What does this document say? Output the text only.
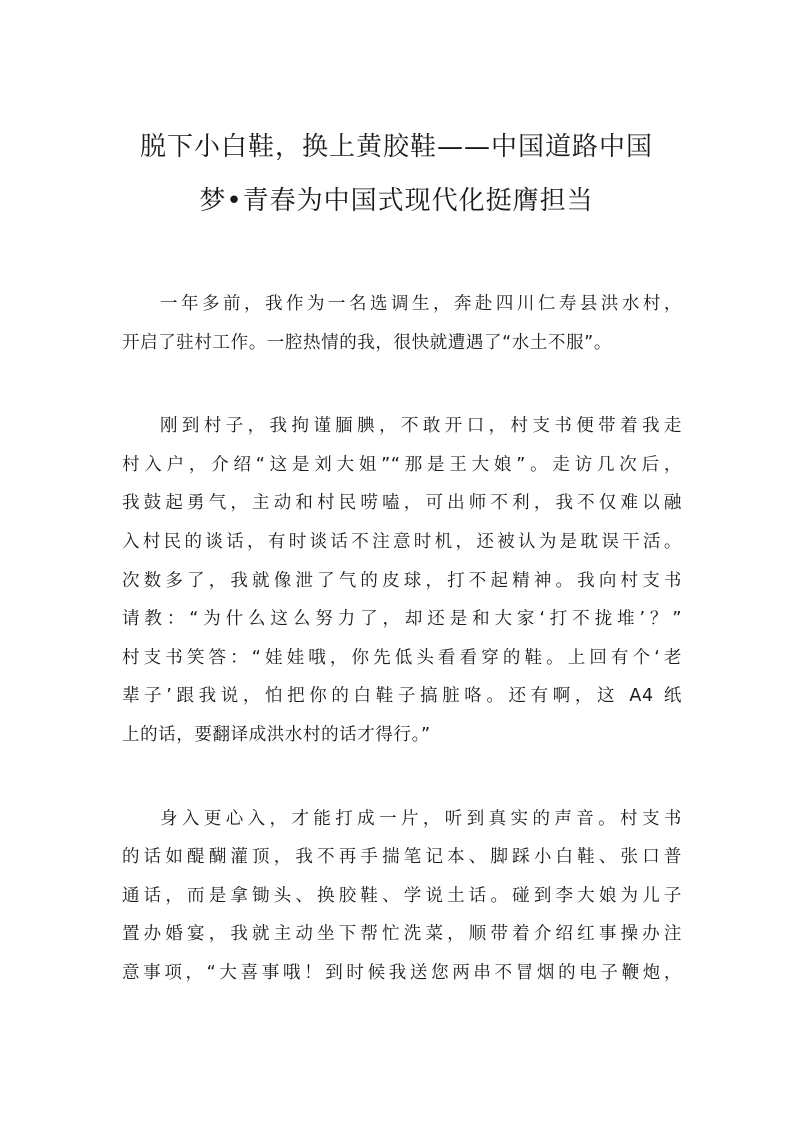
脱下小白鞋，换上黄胶鞋——中国道路中国
梦•青春为中国式现代化挺膺担当
一年多前，我作为一名选调生，奔赴四川仁寿县洪水村，
开启了驻村工作。一腔热情的我，很快就遭遇了“水土不服”。
刚到村子，我拘谨腼腆，不敢开口，村支书便带着我走
村入户，介绍“这是刘大姐”“那是王大娘”。走访几次后，
我鼓起勇气，主动和村民唠嗑，可出师不利，我不仅难以融
入村民的谈话，有时谈话不注意时机，还被认为是耽误干活。
次数多了，我就像泄了气的皮球，打不起精神。我向村支书
请教：“为什么这么努力了，却还是和大家‘打不拢堆’？”
村支书笑答：“娃娃哦，你先低头看看穿的鞋。上回有个‘老
辈子’跟我说，怕把你的白鞋子搞脏咯。还有啊，这 A4 纸
上的话，要翻译成洪水村的话才得行。”
身入更心入，才能打成一片，听到真实的声音。村支书
的话如醍醐灌顶，我不再手揣笔记本、脚踩小白鞋、张口普
通话，而是拿锄头、换胶鞋、学说土话。碰到李大娘为儿子
置办婚宴，我就主动坐下帮忙洗菜，顺带着介绍红事操办注
意事项，“大喜事哦！到时候我送您两串不冒烟的电子鞭炮，
